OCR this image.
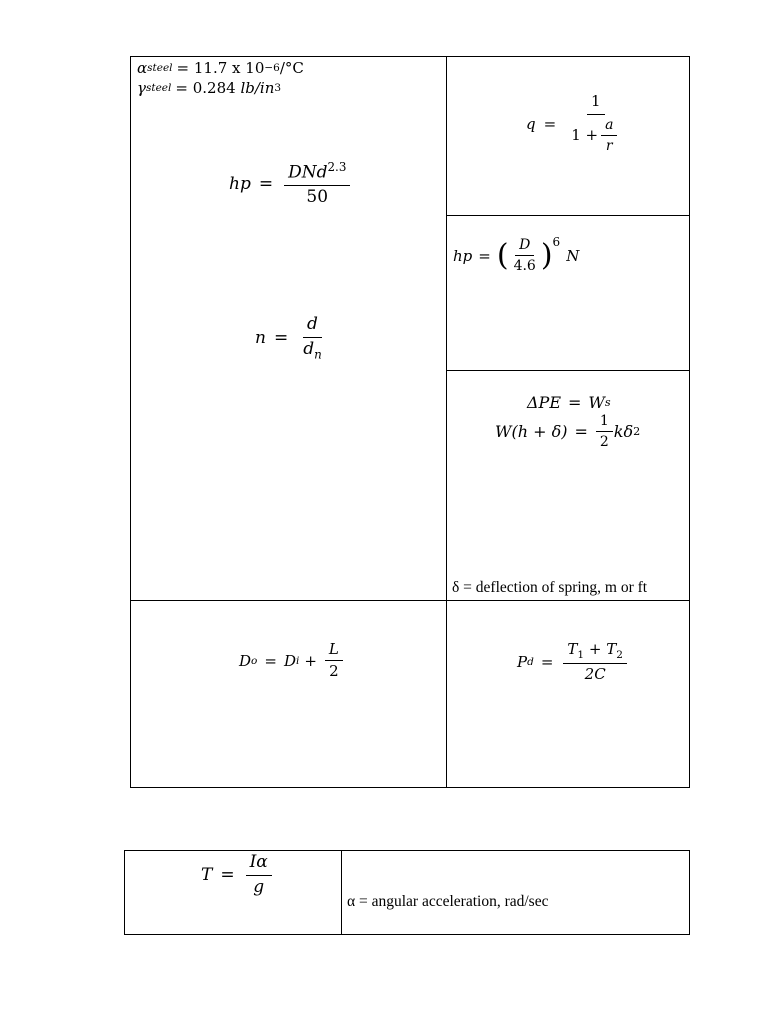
α steel = 11.7 x 10 −6 /°C
γ steel = 0.284
lb/in 3
hp = $\frac{DNd^{2.3}}{50}$
$n = \frac{d}{d_n}$
$q = \frac{1}{1 + \frac{a}{r}}$
hp = ( $\frac{D}{4.6} )^6$
N
ΔPE = W s
$W(h + \delta) = \frac{1}{2}$ kδ 2
δ = deflection of spring, m or ft
D o = D $i + \frac{L}{2}$	P $d = \frac{T_1 + T_2}{2C}$
$T = \frac{I\alpha}{g}$
α = angular acceleration, rad/sec
